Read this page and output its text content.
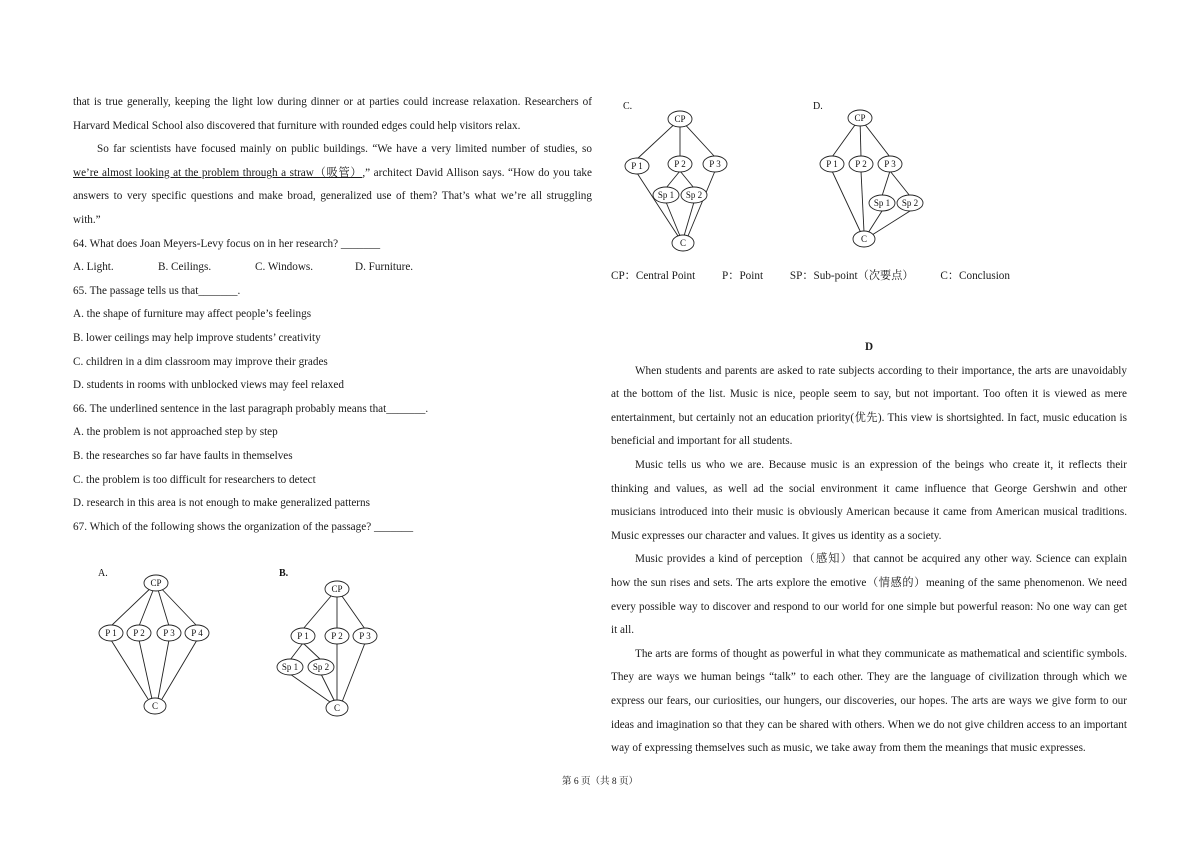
that is true generally, keeping the light low during dinner or at parties could increase relaxation. Researchers of Harvard Medical School also discovered that furniture with rounded edges could help visitors relax.

So far scientists have focused mainly on public buildings. “We have a very limited number of studies, so we’re almost looking at the problem through a straw（吸管）,” architect David Allison says. “How do you take answers to very specific questions and make broad, generalized use of them? That’s what we’re all struggling with.”

64. What does Joan Meyers-Levy focus on in her research? _______

A. Light.	B. Ceilings.	C. Windows.	D. Furniture.

65. The passage tells us that_______.

A. the shape of furniture may affect people’s feelings

B. lower ceilings may help improve students’ creativity

C. children in a dim classroom may improve their grades

D. students in rooms with unblocked views may feel relaxed

66. The underlined sentence in the last paragraph probably means that_______.

A. the problem is not approached step by step

B. the researches so far have faults in themselves

C. the problem is too difficult for researchers to detect

D. research in this area is not enough to make generalized patterns

67. Which of the following shows the organization of the passage? _______

A.
CP
P 1 P 2 P 3 P 4
C
B.
CP
P 1	P 2 P 3
Sp 1 Sp 2
C
C.
CP
P 1	P 2	P 3
Sp 1 Sp 2
C
D.
CP
P 1 P 2 P 3
Sp 1 Sp 2
C
CP：Central Point P：Point SP：Sub-point（次要点） C：Conclusion

D

When students and parents are asked to rate subjects according to their importance, the arts are unavoidably at the bottom of the list. Music is nice, people seem to say, but not important. Too often it is viewed as mere entertainment, but certainly not an education priority(优先). This view is shortsighted. In fact, music education is beneficial and important for all students.

Music tells us who we are. Because music is an expression of the beings who create it, it reflects their thinking and values, as well ad the social environment it came influence that George Gershwin and other musicians introduced into their music is obviously American because it came from American musical traditions. Music expresses our character and values. It gives us identity as a society.

Music provides a kind of perception（感知）that cannot be acquired any other way. Science can explain how the sun rises and sets. The arts explore the emotive（情感的）meaning of the same phenomenon. We need every possible way to discover and respond to our world for one simple but powerful reason: No one way can get it all.

The arts are forms of thought as powerful in what they communicate as mathematical and scientific symbols. They are ways we human beings “talk” to each other. They are the language of civilization through which we express our fears, our curiosities, our hungers, our discoveries, our hopes. The arts are ways we give form to our ideas and imagination so that they can be shared with others. When we do not give children access to an important way of expressing themselves such as music, we take away from them the meanings that music expresses.

第 6 页（共 8 页）
